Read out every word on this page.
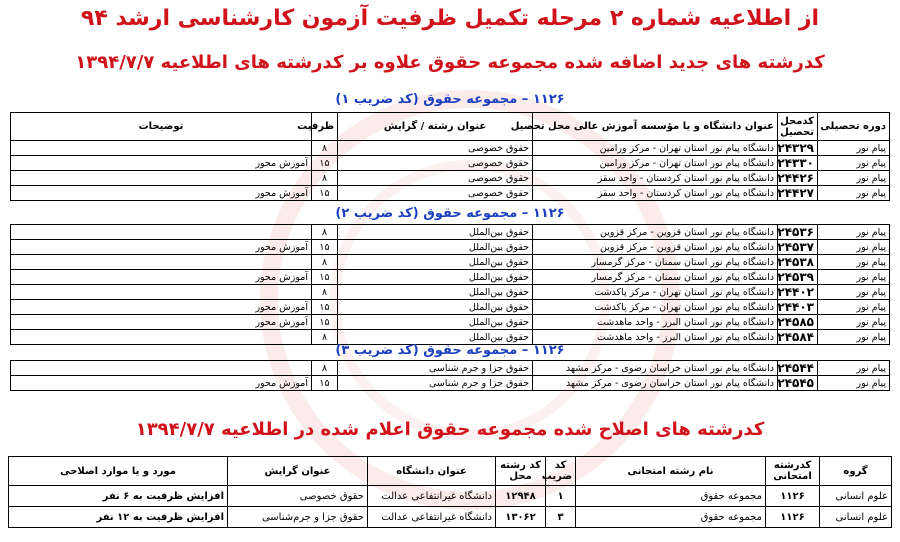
از اطلاعیه شماره ۲ مرحله تکمیل ظرفیت آزمون کارشناسی ارشد ۹۴
کدرشته های جدید اضافه شده مجموعه حقوق علاوه بر کدرشته های اطلاعیه ۱۳۹۴/۷/۷
۱۱۲۶ – مجموعه حقوق (کد ضریب ۱)
دوره تحصیلی	کدمحل تحصیل	عنوان دانشگاه و یا مؤسسه آموزش عالی محل تحصیل	عنوان رشته / گرایش	ظرفیت	توضیحات
پیام نور	۲۴۳۲۹	دانشگاه پیام نور استان تهران - مرکز ورامین	حقوق خصوصی	۸	
پیام نور	۲۴۳۳۰	دانشگاه پیام نور استان تهران - مرکز ورامین	حقوق خصوصی	۱۵	آموزش محور
پیام نور	۲۴۴۲۶	دانشگاه پیام نور استان کردستان - واحد سقز	حقوق خصوصی	۸	
پیام نور	۲۴۴۲۷	دانشگاه پیام نور استان کردستان - واحد سقز	حقوق خصوصی	۱۵	آموزش محور
۱۱۲۶ – مجموعه حقوق (کد ضریب ۲)
پیام نور	۲۴۵۳۶	دانشگاه پیام نور استان قزوین - مرکز قزوین	حقوق بین‌الملل	۸	
پیام نور	۲۴۵۳۷	دانشگاه پیام نور استان قزوین - مرکز قزوین	حقوق بین‌الملل	۱۵	آموزش محور
پیام نور	۲۴۵۳۸	دانشگاه پیام نور استان سمنان - مرکز گرمسار	حقوق بین‌الملل	۸	
پیام نور	۲۴۵۳۹	دانشگاه پیام نور استان سمنان - مرکز گرمسار	حقوق بین‌الملل	۱۵	آموزش محور
پیام نور	۲۴۴۰۲	دانشگاه پیام نور استان تهران - مرکز پاکدشت	حقوق بین‌الملل	۸	
پیام نور	۲۴۴۰۳	دانشگاه پیام نور استان تهران - مرکز پاکدشت	حقوق بین‌الملل	۱۵	آموزش محور
پیام نور	۲۴۵۸۵	دانشگاه پیام نور استان البرز - واحد ماهدشت	حقوق بین‌الملل	۱۵	آموزش محور
پیام نور	۲۴۵۸۴	دانشگاه پیام نور استان البرز - واحد ماهدشت	حقوق بین‌الملل	۸	
۱۱۲۶ – مجموعه حقوق (کد ضریب ۳)
پیام نور	۲۴۵۴۴	دانشگاه پیام نور استان خراسان رضوی - مرکز مشهد	حقوق جزا و جرم شناسی	۸	
پیام نور	۲۴۵۴۵	دانشگاه پیام نور استان خراسان رضوی - مرکز مشهد	حقوق جزا و جرم شناسی	۱۵	آموزش محور
کدرشته های اصلاح شده مجموعه حقوق اعلام شده در اطلاعیه ۱۳۹۴/۷/۷
گروه	کدرشته امتحانی	نام رشته امتحانی	کد ضریب	کد رشته محل	عنوان دانشگاه	عنوان گرایش	مورد و یا موارد اصلاحی
علوم انسانی	۱۱۲۶	مجموعه حقوق	۱	۱۲۹۴۸	دانشگاه غیرانتفاعی عدالت	حقوق خصوصی	افزایش ظرفیت به ۶ نفر
علوم انسانی	۱۱۲۶	مجموعه حقوق	۳	۱۳۰۶۲	دانشگاه غیرانتفاعی عدالت	حقوق جزا و جرم‌شناسی	افزایش ظرفیت به ۱۲ نفر
